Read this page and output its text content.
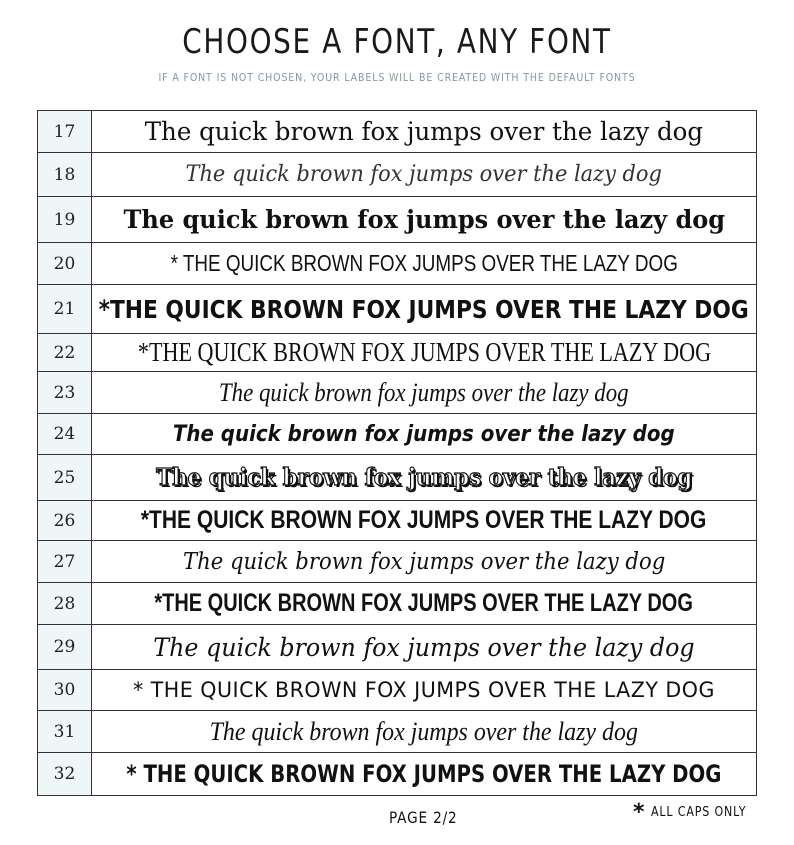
CHOOSE A FONT, ANY FONT
IF A FONT IS NOT CHOSEN, YOUR LABELS WILL BE CREATED WITH THE DEFAULT FONTS
17	The quick brown fox jumps over the lazy dog
18	The quick brown fox jumps over the lazy dog
19	The quick brown fox jumps over the lazy dog
20	* THE QUICK BROWN FOX JUMPS OVER THE LAZY DOG
21 *THE QUICK BROWN FOX JUMPS OVER THE LAZY DOG
22	*THE QUICK BROWN FOX JUMPS OVER THE LAZY DOG
23	The quick brown fox jumps over the lazy dog
24	The quick brown fox jumps over the lazy dog
25	The quick brown fox jumps over the lazy dog
26	*THE QUICK BROWN FOX JUMPS OVER THE LAZY DOG
27	The quick brown fox jumps over the lazy dog
28	*THE QUICK BROWN FOX JUMPS OVER THE LAZY DOG
29	The quick brown fox jumps over the lazy dog
30	* THE QUICK BROWN FOX JUMPS OVER THE LAZY DOG
31	The quick brown fox jumps over the lazy dog
32	* THE QUICK BROWN FOX JUMPS OVER THE LAZY DOG
PAGE 2/2	* ALL CAPS ONLY
